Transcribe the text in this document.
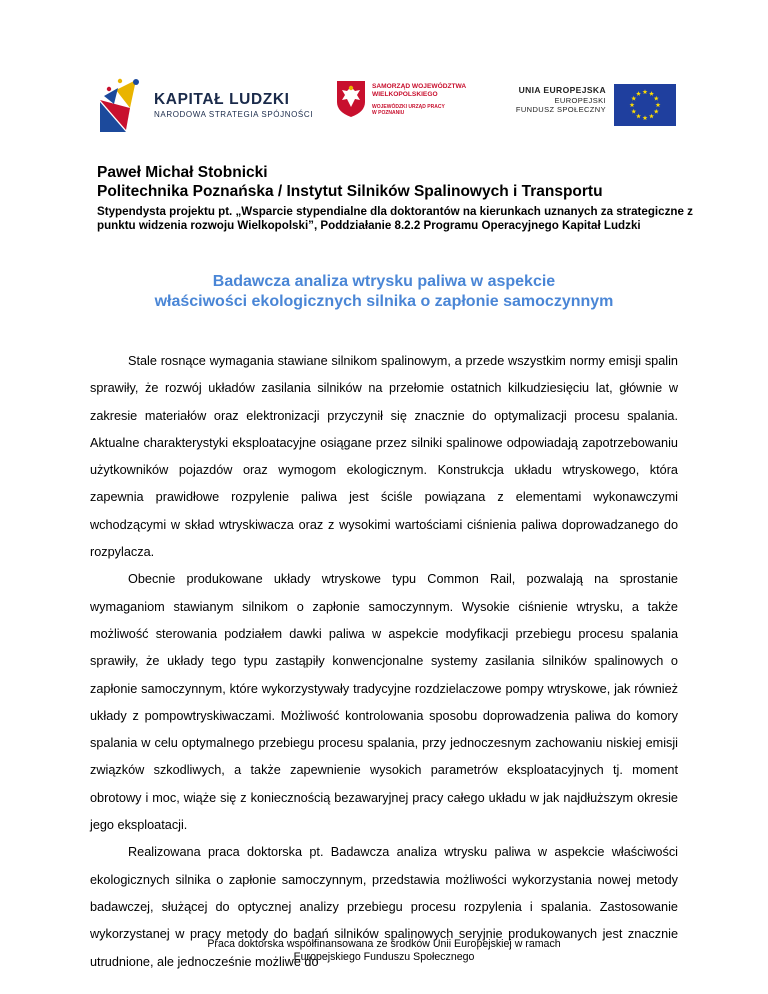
KAPITAŁ LUDZKI
NARODOWA STRATEGIA SPÓJNOŚCI
SAMORZĄD WOJEWÓDZTWA
WIELKOPOLSKIEGO
WOJEWÓDZKI URZĄD PRACY
W POZNANIU
UNIA EUROPEJSKA
EUROPEJSKI
FUNDUSZ SPOŁECZNY
Paweł Michał Stobnicki
Politechnika Poznańska / Instytut Silników Spalinowych i Transportu
Stypendysta projektu pt. „Wsparcie stypendialne dla doktorantów na kierunkach uznanych za strategiczne z punktu widzenia rozwoju Wielkopolski”, Poddziałanie 8.2.2 Programu Operacyjnego Kapitał Ludzki
Badawcza analiza wtrysku paliwa w aspekcie
właściwości ekologicznych silnika o zapłonie samoczynnym

Stale rosnące wymagania stawiane silnikom spalinowym, a przede wszystkim normy emisji spalin sprawiły, że rozwój układów zasilania silników na przełomie ostatnich kilkudziesięciu lat, głównie w zakresie materiałów oraz elektronizacji przyczynił się znacznie do optymalizacji procesu spalania. Aktualne charakterystyki eksploatacyjne osiągane przez silniki spalinowe odpowiadają zapotrzebowaniu użytkowników pojazdów oraz wymogom ekologicznym. Konstrukcja układu wtryskowego, która zapewnia prawidłowe rozpylenie paliwa jest ściśle powiązana z elementami wykonawczymi wchodzącymi w skład wtryskiwacza oraz z wysokimi wartościami ciśnienia paliwa doprowadzanego do rozpylacza.

Obecnie produkowane układy wtryskowe typu Common Rail, pozwalają na sprostanie wymaganiom stawianym silnikom o zapłonie samoczynnym. Wysokie ciśnienie wtrysku, a także możliwość sterowania podziałem dawki paliwa w aspekcie modyfikacji przebiegu procesu spalania sprawiły, że układy tego typu zastąpiły konwencjonalne systemy zasilania silników spalinowych o zapłonie samoczynnym, które wykorzystywały tradycyjne rozdzielaczowe pompy wtryskowe, jak również układy z pompowtryskiwaczami. Możliwość kontrolowania sposobu doprowadzenia paliwa do komory spalania w celu optymalnego przebiegu procesu spalania, przy jednoczesnym zachowaniu niskiej emisji związków szkodliwych, a także zapewnienie wysokich parametrów eksploatacyjnych tj. moment obrotowy i moc, wiąże się z koniecznością bezawaryjnej pracy całego układu w jak najdłuższym okresie jego eksploatacji.

Realizowana praca doktorska pt. Badawcza analiza wtrysku paliwa w aspekcie właściwości ekologicznych silnika o zapłonie samoczynnym, przedstawia możliwości wykorzystania nowej metody badawczej, służącej do optycznej analizy przebiegu procesu rozpylenia i spalania. Zastosowanie wykorzystanej w pracy metody do badań silników spalinowych seryjnie produkowanych jest znacznie utrudnione, ale jednocześnie możliwe do

Praca doktorska współfinansowana ze środków Unii Europejskiej w ramach
Europejskiego Funduszu Społecznego
